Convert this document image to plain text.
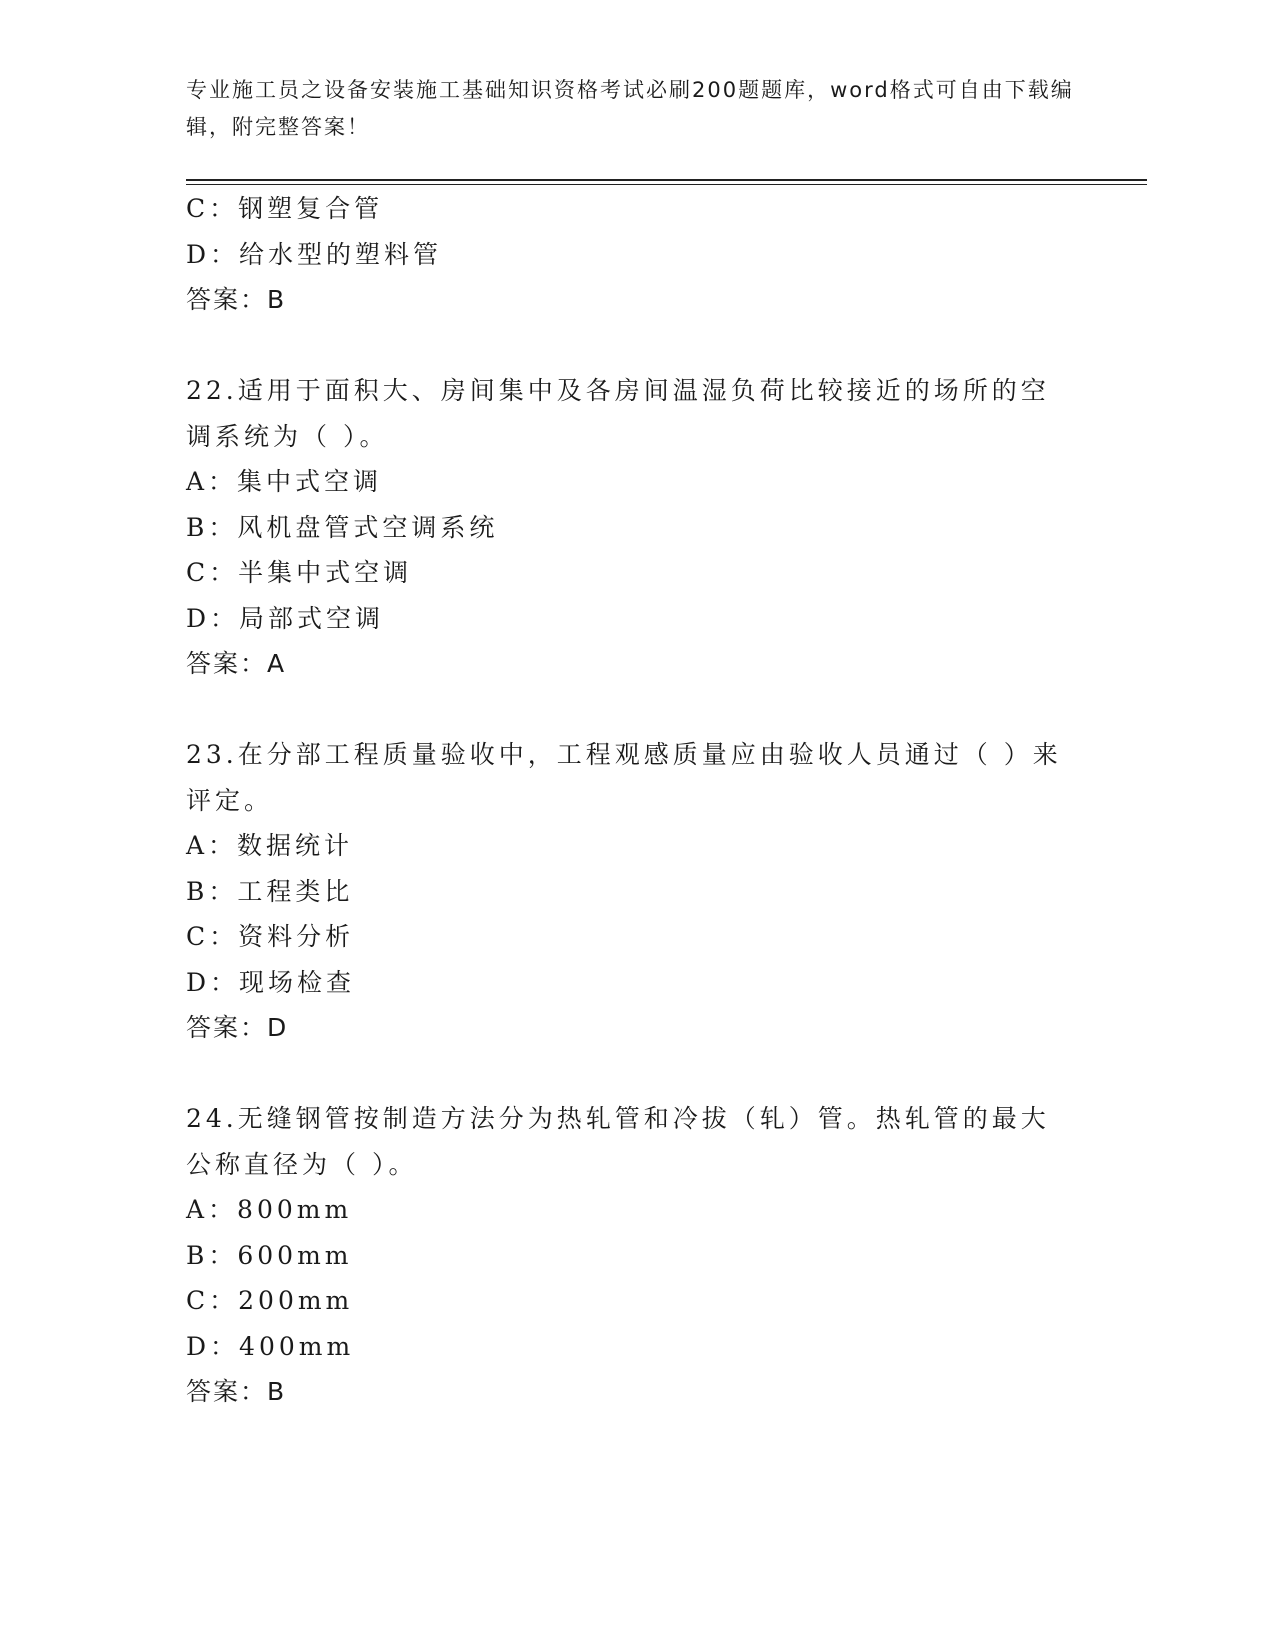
专业施工员之设备安装施工基础知识资格考试必刷200题题库，word格式可自由下载编辑，附完整答案！
C：钢塑复合管
D：给水型的塑料管
答案：B
22.适用于面积大、房间集中及各房间温湿负荷比较接近的场所的空调系统为（ ）。
A：集中式空调
B：风机盘管式空调系统
C：半集中式空调
D：局部式空调
答案：A
23.在分部工程质量验收中，工程观感质量应由验收人员通过（ ）来评定。
A：数据统计
B：工程类比
C：资料分析
D：现场检查
答案：D
24.无缝钢管按制造方法分为热轧管和冷拔（轧）管。热轧管的最大公称直径为（ ）。
A：800mm
B：600mm
C：200mm
D：400mm
答案：B
